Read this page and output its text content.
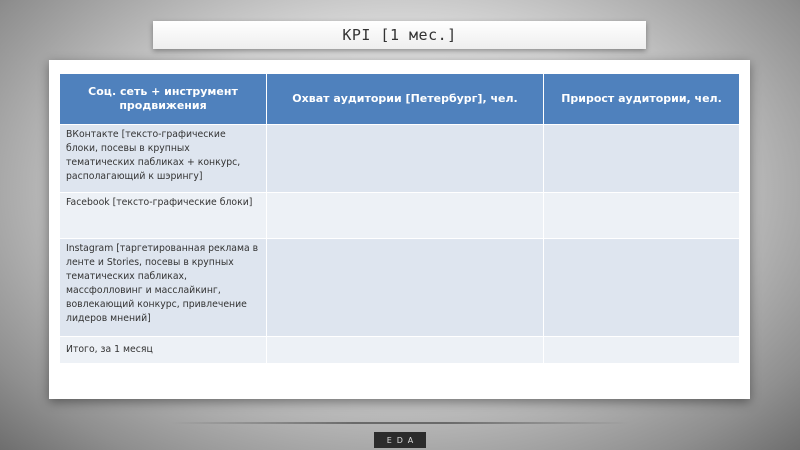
KPI [1 мес.]
Соц. сеть + инструмент продвижения	Охват аудитории [Петербург], чел.	Прирост аудитории, чел.
ВКонтакте [тексто-графические блоки, посевы в крупных тематических пабликах + конкурс, располагающий к шэрингу]		
Facebook [тексто-графические блоки]		
Instagram [таргетированная реклама в ленте и Stories, посевы в крупных тематических пабликах, массфолловинг и масслайкинг, вовлекающий конкурс, привлечение лидеров мнений]		
Итого, за 1 месяц		
EDA
